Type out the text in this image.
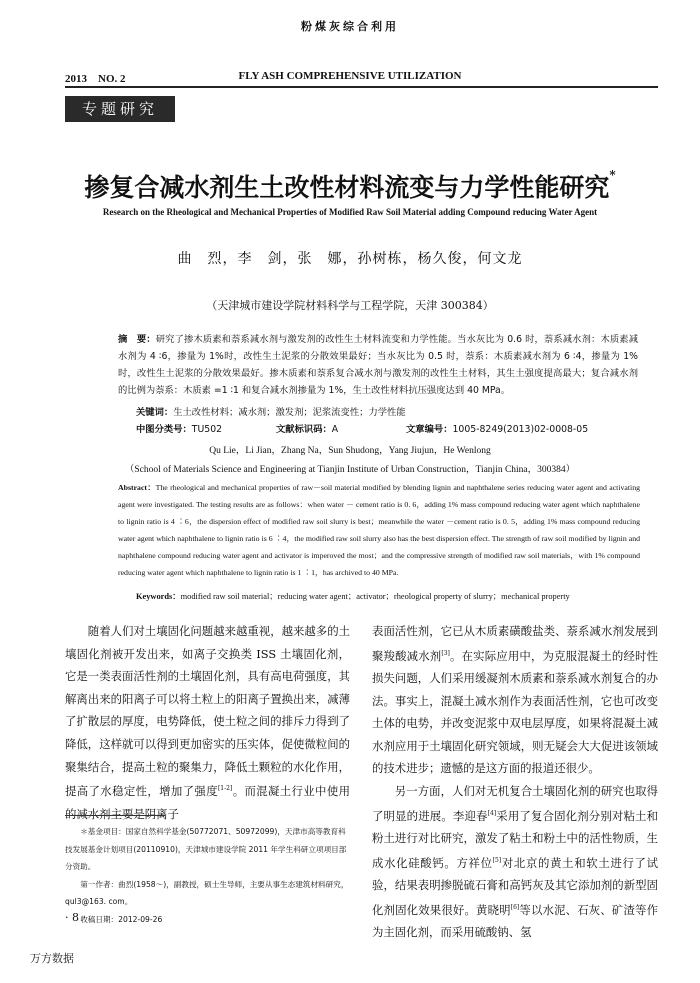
粉煤灰综合利用
2013　NO. 2	FLY ASH COMPREHENSIVE UTILIZATION
专题研究
掺复合减水剂生土改性材料流变与力学性能研究*
Research on the Rheological and Mechanical Properties of Modified Raw Soil Material adding Compound reducing Water Agent
曲　烈，李　剑，张　娜，孙树栋，杨久俊，何文龙
（天津城市建设学院材料科学与工程学院，天津 300384）
摘　要：研究了掺木质素和萘系减水剂与激发剂的改性生土材料流变和力学性能。当水灰比为 0.6 时，萘系减水剂：木质素减水剂为 4 ∶6，掺量为 1%时，改性生土泥浆的分散效果最好；当水灰比为 0.5 时，萘系：木质素减水剂为 6 ∶4，掺量为 1%时，改性生土泥浆的分散效果最好。掺木质素和萘系复合减水剂与激发剂的改性生土材料，其生土强度提高最大；复合减水剂的比例为萘系：木质素 =1 ∶1 和复合减水剂掺量为 1%，生土改性材料抗压强度达到 40 MPa。
关键词：生土改性材料；减水剂；激发剂；泥浆流变性；力学性能
中图分类号：TU502	文献标识码：A	文章编号：1005-8249(2013)02-0008-05
Qu Lie，Li Jian，Zhang Na，Sun Shudong，Yang Jiujun，He Wenlong
（School of Materials Science and Engineering at Tianjin Institute of Urban Construction，Tianjin China，300384）
Abstract：The rheological and mechanical properties of raw－soil material modified by blending lignin and naphthalene series reducing water agent and activating agent were investigated. The testing results are as follows：when water － cement ratio is 0. 6，adding 1% mass compound reducing water agent which naphthalene to lignin ratio is 4 ∶6，the dispersion effect of modified raw soil slurry is best；meanwhile the water －cement ratio is 0. 5，adding 1% mass compound reducing water agent which naphthalene to lignin ratio is 6 ∶4，the modified raw soil slurry also has the best dispersion effect. The strength of raw soil modified by lignin and naphthalene compound reducing water agent and activator is imperoved the most；and the compressive strength of modified raw soil materials，with 1% compound reducing water agent which naphthalene to lignin ratio is 1 ∶1，has archived to 40 MPa.
Keywords：modified raw soil material；reducing water agent；activator；rheological property of slurry；mechanical property

随着人们对土壤固化问题越来越重视，越来越多的土壤固化剂被开发出来，如离子交换类 ISS 土壤固化剂，它是一类表面活性剂的土壤固化剂，具有高电荷强度，其解离出来的阳离子可以将土粒上的阳离子置换出来，减薄了扩散层的厚度，电势降低，使土粒之间的排斥力得到了降低，这样就可以得到更加密实的压实体，促使微粒间的聚集结合，提高土粒的聚集力，降低土颗粒的水化作用，提高了水稳定性，增加了强度[1-2]。而混凝土行业中使用的减水剂主要是阴离子

＊基金项目：国家自然科学基金(50772071、50972099)，天津市高等教育科技发展基金计划项目(20110910)，天津城市建设学院 2011 年学生科研立项项目部分资助。

第一作者：曲烈(1958～)，副教授，硕士生导师，主要从事生态建筑材料研究，qul3@163. com。

收稿日期：2012-09-26

· 8 ·

表面活性剂，它已从木质素磺酸盐类、萘系减水剂发展到聚羧酸减水剂[3]。在实际应用中，为克服混凝土的经时性损失问题，人们采用缓凝剂木质素和萘系减水剂复合的办法。事实上，混凝土减水剂作为表面活性剂，它也可改变土体的电势，并改变泥浆中双电层厚度，如果将混凝土减水剂应用于土壤固化研究领域，则无疑会大大促进该领域的技术进步；遗憾的是这方面的报道还很少。

另一方面，人们对无机复合土壤固化剂的研究也取得了明显的进展。李迎春[4]采用了复合固化剂分别对粘土和粉土进行对比研究，激发了粘土和粉土中的活性物质，生成水化硅酸钙。方祥位[5]对北京的黄土和软土进行了试验，结果表明掺脱硫石膏和高钙灰及其它添加剂的新型固化剂固化效果很好。黄晓明[6]等以水泥、石灰、矿渣等作为主固化剂，而采用硫酸钠、氢

万方数据
